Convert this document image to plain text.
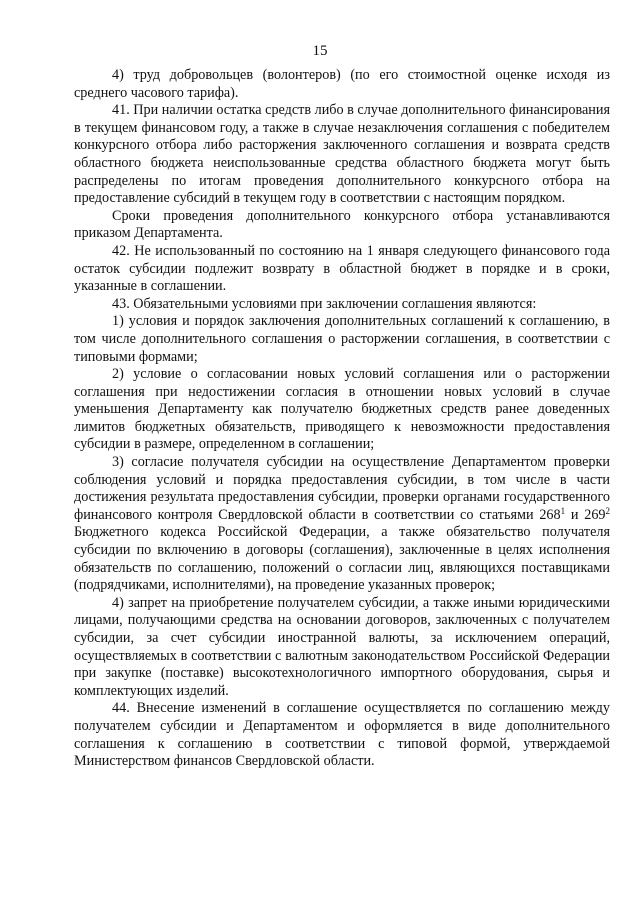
15

4) труд добровольцев (волонтеров) (по его стоимостной оценке исходя из среднего часового тарифа).

41. При наличии остатка средств либо в случае дополнительного финансирования в текущем финансовом году, а также в случае незаключения соглашения с победителем конкурсного отбора либо расторжения заключенного соглашения и возврата средств областного бюджета неиспользованные средства областного бюджета могут быть распределены по итогам проведения дополнительного конкурсного отбора на предоставление субсидий в текущем году в соответствии с настоящим порядком.

Сроки проведения дополнительного конкурсного отбора устанавливаются приказом Департамента.

42. Не использованный по состоянию на 1 января следующего финансового года остаток субсидии подлежит возврату в областной бюджет в порядке и в сроки, указанные в соглашении.

43. Обязательными условиями при заключении соглашения являются:

1) условия и порядок заключения дополнительных соглашений к соглашению, в том числе дополнительного соглашения о расторжении соглашения, в соответствии с типовыми формами;

2) условие о согласовании новых условий соглашения или о расторжении соглашения при недостижении согласия в отношении новых условий в случае уменьшения Департаменту как получателю бюджетных средств ранее доведенных лимитов бюджетных обязательств, приводящего к невозможности предоставления субсидии в размере, определенном в соглашении;

3) согласие получателя субсидии на осуществление Департаментом проверки соблюдения условий и порядка предоставления субсидии, в том числе в части достижения результата предоставления субсидии, проверки органами государственного финансового контроля Свердловской области в соответствии со статьями $268^1$ и $269^2$ Бюджетного кодекса Российской Федерации, а также обязательство получателя субсидии по включению в договоры (соглашения), заключенные в целях исполнения обязательств по соглашению, положений о согласии лиц, являющихся поставщиками (подрядчиками, исполнителями), на проведение указанных проверок;

4) запрет на приобретение получателем субсидии, а также иными юридическими лицами, получающими средства на основании договоров, заключенных с получателем субсидии, за счет субсидии иностранной валюты, за исключением операций, осуществляемых в соответствии с валютным законодательством Российской Федерации при закупке (поставке) высокотехнологичного импортного оборудования, сырья и комплектующих изделий.

44. Внесение изменений в соглашение осуществляется по соглашению между получателем субсидии и Департаментом и оформляется в виде дополнительного соглашения к соглашению в соответствии с типовой формой, утверждаемой Министерством финансов Свердловской области.
